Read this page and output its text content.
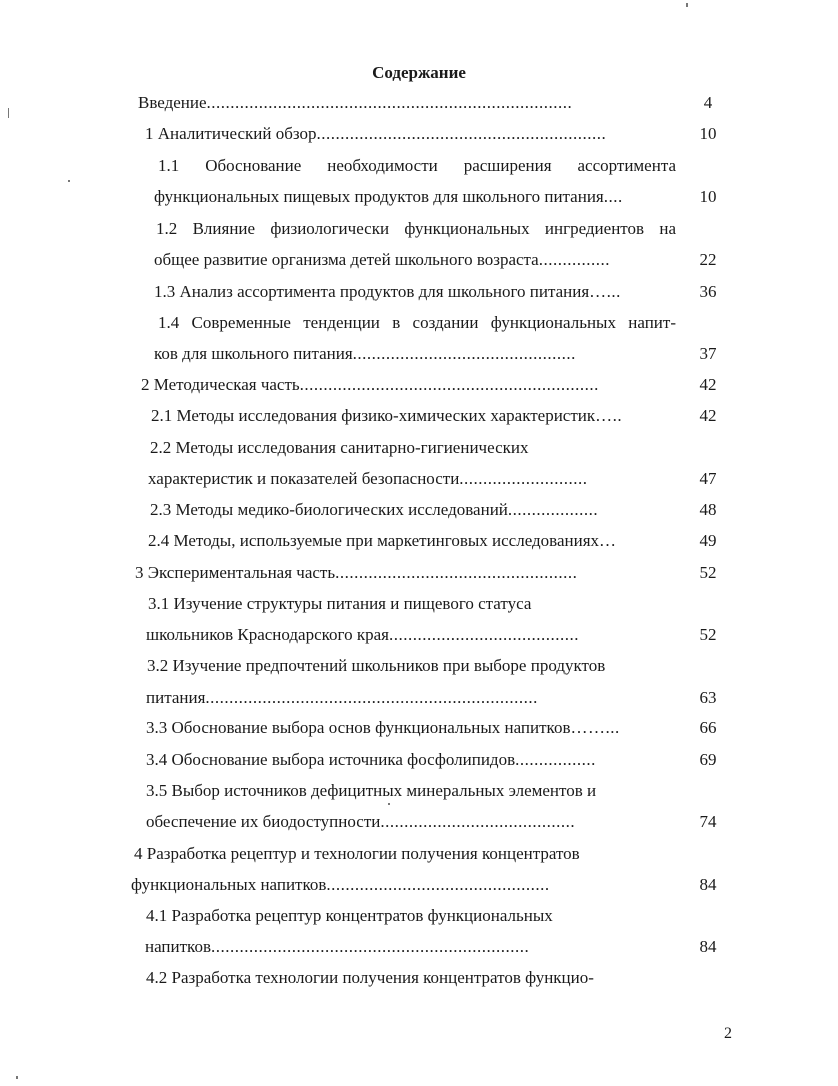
Содержание
Введение.............................................................................	4
1 Аналитический обзор.............................................................	10
1.1 Обоснование необходимости расширения ассортимента
функциональных пищевых продуктов для школьного питания....	10
1.2 Влияние физиологически функциональных ингредиентов на
общее развитие организма детей школьного возраста...............	22
1.3 Анализ ассортимента продуктов для школьного питания…...	36
1.4 Современные тенденции в создании функциональных напит-
ков для школьного питания...............................................	37
2 Методическая часть...............................................................	42
2.1 Методы исследования физико-химических характеристик…..	42
2.2 Методы исследования санитарно-гигиенических
характеристик и показателей безопасности...........................	47
2.3 Методы медико-биологических исследований...................	48
2.4 Методы, используемые при маркетинговых исследованиях…	49
3 Экспериментальная часть...................................................	52
3.1 Изучение структуры питания и пищевого статуса
школьников Краснодарского края........................................	52
3.2 Изучение предпочтений школьников при выборе продуктов
питания......................................................................	63
3.3 Обоснование выбора основ функциональных напитков……...	66
3.4 Обоснование выбора источника фосфолипидов.................	69
3.5 Выбор источников дефицитных минеральных элементов и
обеспечение их биодоступности.........................................	74
4 Разработка рецептур и технологии получения концентратов
функциональных напитков...............................................	84
4.1 Разработка рецептур концентратов функциональных
напитков...................................................................	84
4.2 Разработка технологии получения концентратов функцио-
2
